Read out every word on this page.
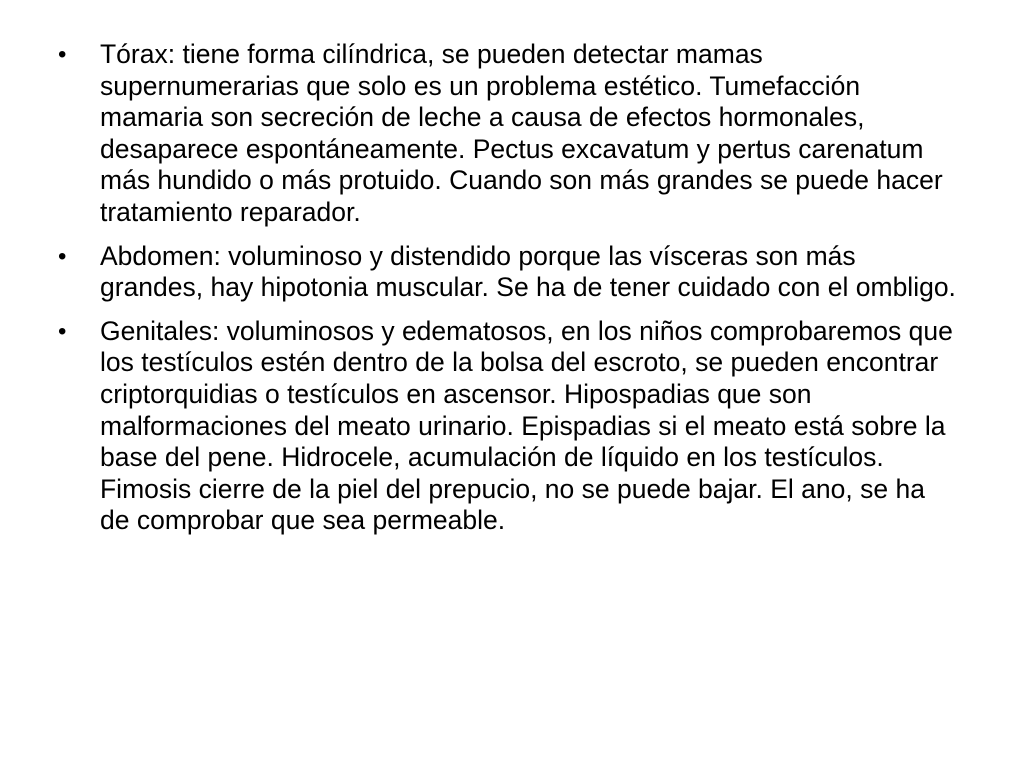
•	Tórax: tiene forma cilíndrica, se pueden detectar mamas supernumerarias que solo es un problema estético. Tumefacción mamaria son secreción de leche a causa de efectos hormonales, desaparece espontáneamente. Pectus excavatum y pertus carenatum más hundido o más protuido. Cuando son más grandes se puede hacer tratamiento reparador.
•	Abdomen: voluminoso y distendido porque las vísceras son más grandes, hay hipotonia muscular. Se ha de tener cuidado con el ombligo.
•	Genitales: voluminosos y edematosos, en los niños comprobaremos que los testículos estén dentro de la bolsa del escroto, se pueden encontrar criptorquidias o testículos en ascensor. Hipospadias que son malformaciones del meato urinario. Epispadias si el meato está sobre la base del pene. Hidrocele, acumulación de líquido en los testículos. Fimosis cierre de la piel del prepucio, no se puede bajar. El ano, se ha de comprobar que sea permeable.
